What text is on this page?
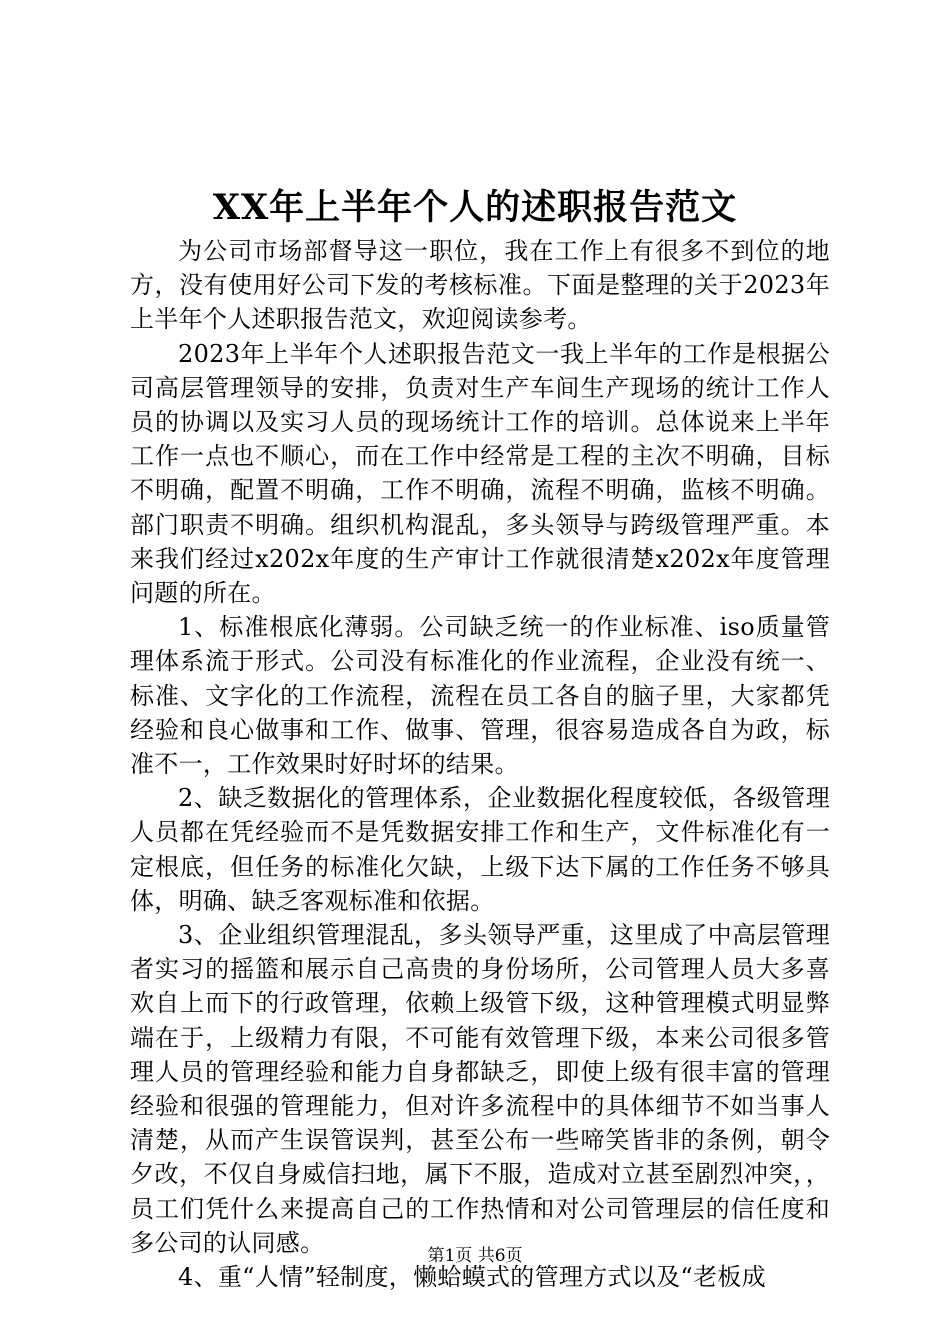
XX年上半年个人的述职报告范文

为公司市场部督导这一职位，我在工作上有很多不到位的地方，没有使用好公司下发的考核标准。下面是整理的关于2023年上半年个人述职报告范文，欢迎阅读参考。

2023年上半年个人述职报告范文一我上半年的工作是根据公司高层管理领导的安排，负责对生产车间生产现场的统计工作人员的协调以及实习人员的现场统计工作的培训。总体说来上半年工作一点也不顺心，而在工作中经常是工程的主次不明确，目标不明确，配置不明确，工作不明确，流程不明确，监核不明确。部门职责不明确。组织机构混乱，多头领导与跨级管理严重。本来我们经过x202x年度的生产审计工作就很清楚x202x年度管理问题的所在。

1、标准根底化薄弱。公司缺乏统一的作业标准、iso质量管理体系流于形式。公司没有标准化的作业流程，企业没有统一、标准、文字化的工作流程，流程在员工各自的脑子里，大家都凭经验和良心做事和工作、做事、管理，很容易造成各自为政，标准不一，工作效果时好时坏的结果。

2、缺乏数据化的管理体系，企业数据化程度较低，各级管理人员都在凭经验而不是凭数据安排工作和生产，文件标准化有一定根底，但任务的标准化欠缺，上级下达下属的工作任务不够具体，明确、缺乏客观标准和依据。

3、企业组织管理混乱，多头领导严重，这里成了中高层管理者实习的摇篮和展示自己高贵的身份场所，公司管理人员大多喜欢自上而下的行政管理，依赖上级管下级，这种管理模式明显弊端在于，上级精力有限，不可能有效管理下级，本来公司很多管理人员的管理经验和能力自身都缺乏，即使上级有很丰富的管理经验和很强的管理能力，但对许多流程中的具体细节不如当事人清楚，从而产生误管误判，甚至公布一些啼笑皆非的条例，朝令夕改，不仅自身威信扫地，属下不服，造成对立甚至剧烈冲突，，员工们凭什么来提高自己的工作热情和对公司管理层的信任度和多公司的认同感。

4、重“人情”轻制度，懒蛤蟆式的管理方式以及“老板成

第1页 共6页
